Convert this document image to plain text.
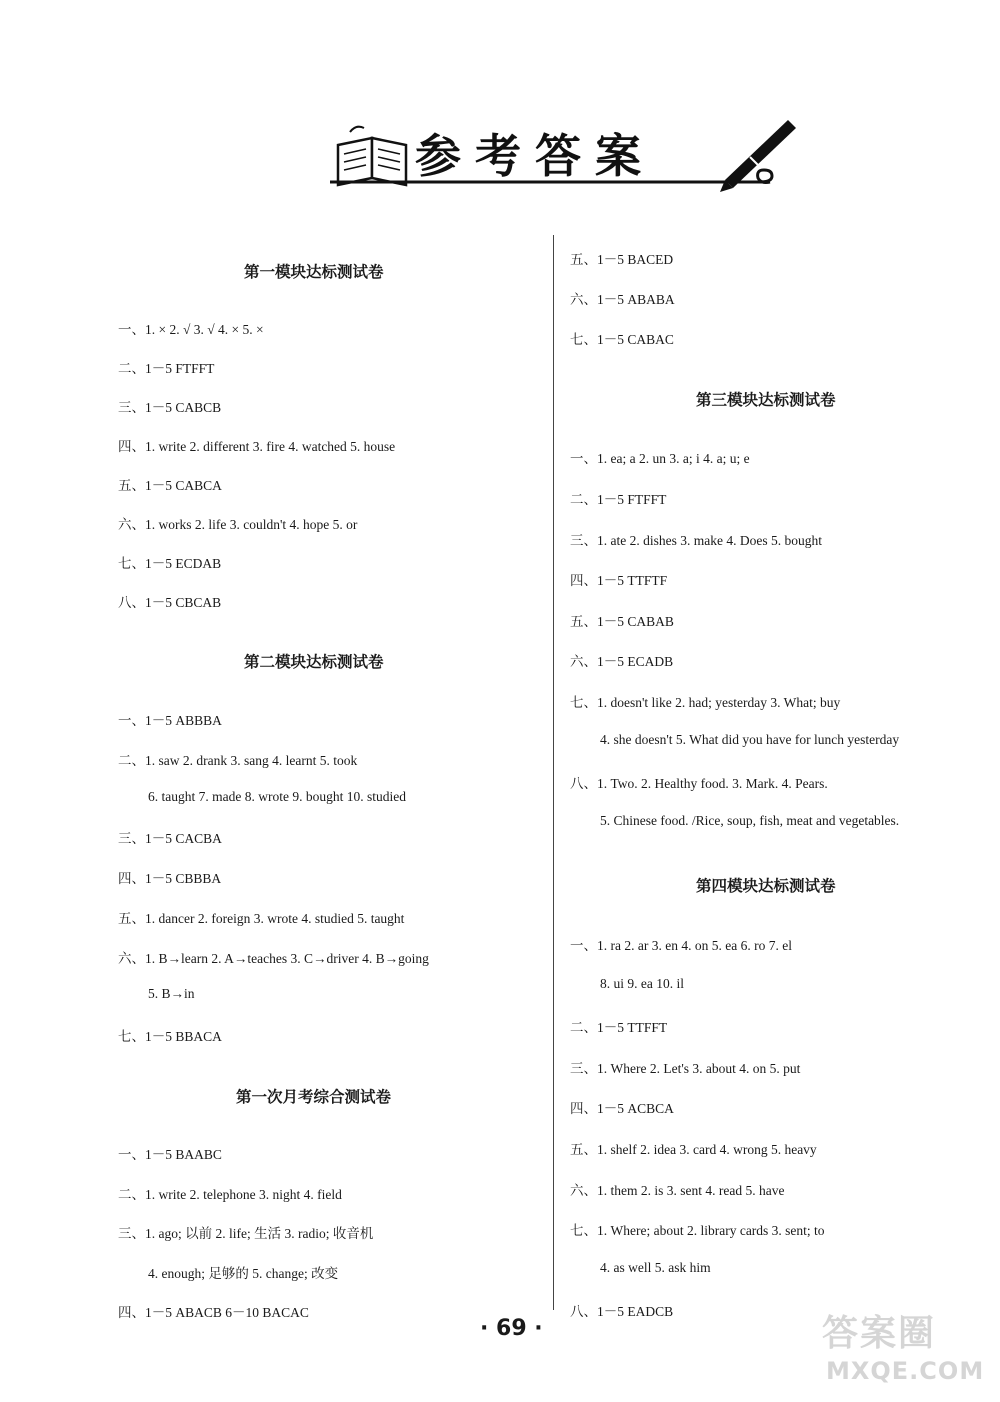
参考答案
第一模块达标测试卷
一、1. × 2. √ 3. √ 4. × 5. ×
二、1－5 FTFFT
三、1－5 CABCB
四、1. write 2. different 3. fire 4. watched 5. house
五、1－5 CABCA
六、1. works 2. life 3. couldn't 4. hope 5. or
七、1－5 ECDAB
八、1－5 CBCAB
第二模块达标测试卷
一、1－5 ABBBA
二、1. saw 2. drank 3. sang 4. learnt 5. took
6. taught 7. made 8. wrote 9. bought 10. studied
三、1－5 CACBA
四、1－5 CBBBA
五、1. dancer 2. foreign 3. wrote 4. studied 5. taught
六、1. B→learn 2. A→teaches 3. C→driver 4. B→going
5. B→in
七、1－5 BBACA
第一次月考综合测试卷
一、1－5 BAABC
二、1. write 2. telephone 3. night 4. field
三、1. ago; 以前 2. life; 生活 3. radio; 收音机
4. enough; 足够的 5. change; 改变
四、1－5 ABACB 6－10 BACAC
五、1－5 BACED
六、1－5 ABABA
七、1－5 CABAC
第三模块达标测试卷
一、1. ea; a 2. un 3. a; i 4. a; u; e
二、1－5 FTFFT
三、1. ate 2. dishes 3. make 4. Does 5. bought
四、1－5 TTFTF
五、1－5 CABAB
六、1－5 ECADB
七、1. doesn't like 2. had; yesterday 3. What; buy
4. she doesn't 5. What did you have for lunch yesterday
八、1. Two. 2. Healthy food. 3. Mark. 4. Pears.
5. Chinese food. /Rice, soup, fish, meat and vegetables.
第四模块达标测试卷
一、1. ra 2. ar 3. en 4. on 5. ea 6. ro 7. el
8. ui 9. ea 10. il
二、1－5 TTFFT
三、1. Where 2. Let's 3. about 4. on 5. put
四、1－5 ACBCA
五、1. shelf 2. idea 3. card 4. wrong 5. heavy
六、1. them 2. is 3. sent 4. read 5. have
七、1. Where; about 2. library cards 3. sent; to
4. as well 5. ask him
八、1－5 EADCB
· 69 ·	答案圈
MXQE.COM
